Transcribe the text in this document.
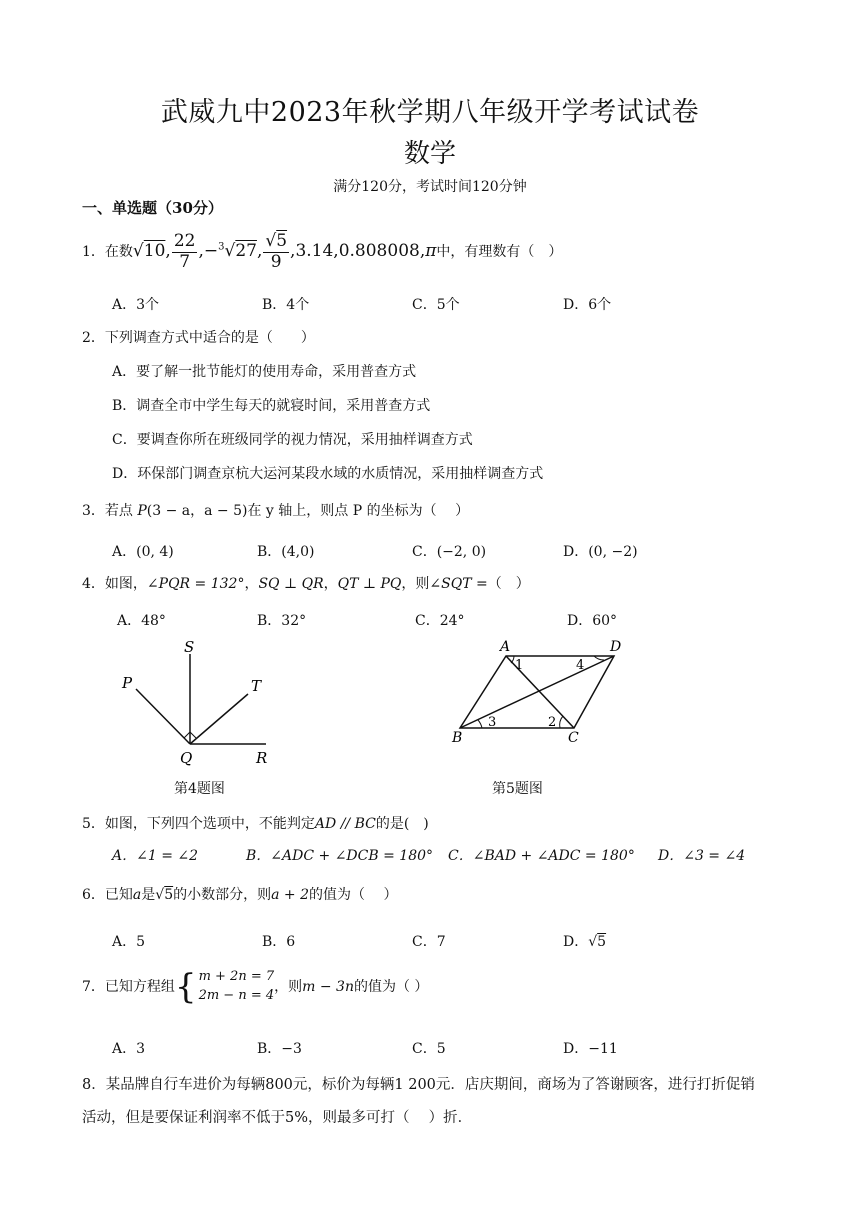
武威九中2023年秋学期八年级开学考试试卷
数学
满分120分，考试时间120分钟
一、单选题（30分）
1．在数√10, $\frac{22}{7} ,-^3√27$, $\frac{√5}{9} ,3.14,0.808008,\pi$中，有理数有（　）
A．3个	B．4个	C．5个	D．6个
2．下列调查方式中适合的是（　　）
A．要了解一批节能灯的使用寿命，采用普查方式
B．调查全市中学生每天的就寝时间，采用普查方式
C．要调查你所在班级同学的视力情况，采用抽样调查方式
D．环保部门调查京杭大运河某段水域的水质情况，采用抽样调查方式
3．若点 P(3 − a，a − 5)在 y 轴上，则点 P 的坐标为（　 ）
A．(0, 4)	B．(4,0)	C．(−2, 0)	D．(0, −2)
4．如图，∠PQR = 132°，SQ ⊥ QR，QT ⊥ PQ，则∠SQT =（　）
A．48°	B．32°	C．24°	D．60°
S
P	T
Q	R
第4题图
A	D
B	C
1	4
3	2
第5题图
5．如图，下列四个选项中，不能判定AD // BC的是(　)
A．∠1 = ∠2	B．∠ADC + ∠DCB = 180° C．∠BAD + ∠ADC = 180° D．∠3 = ∠4
6．已知a是√5的小数部分，则a + 2的值为（　 ）
A．5	B．6	C．7	D．√5
7．已知方程组 { m + 2n = 7
2m − n = 4
，则m − 3n的值为（ ）
A．3	B．−3	C．5	D．−11
8．某品牌自行车进价为每辆800元，标价为每辆1 200元．店庆期间，商场为了答谢顾客，进行打折促销
活动，但是要保证利润率不低于5%，则最多可打（　 ）折．
